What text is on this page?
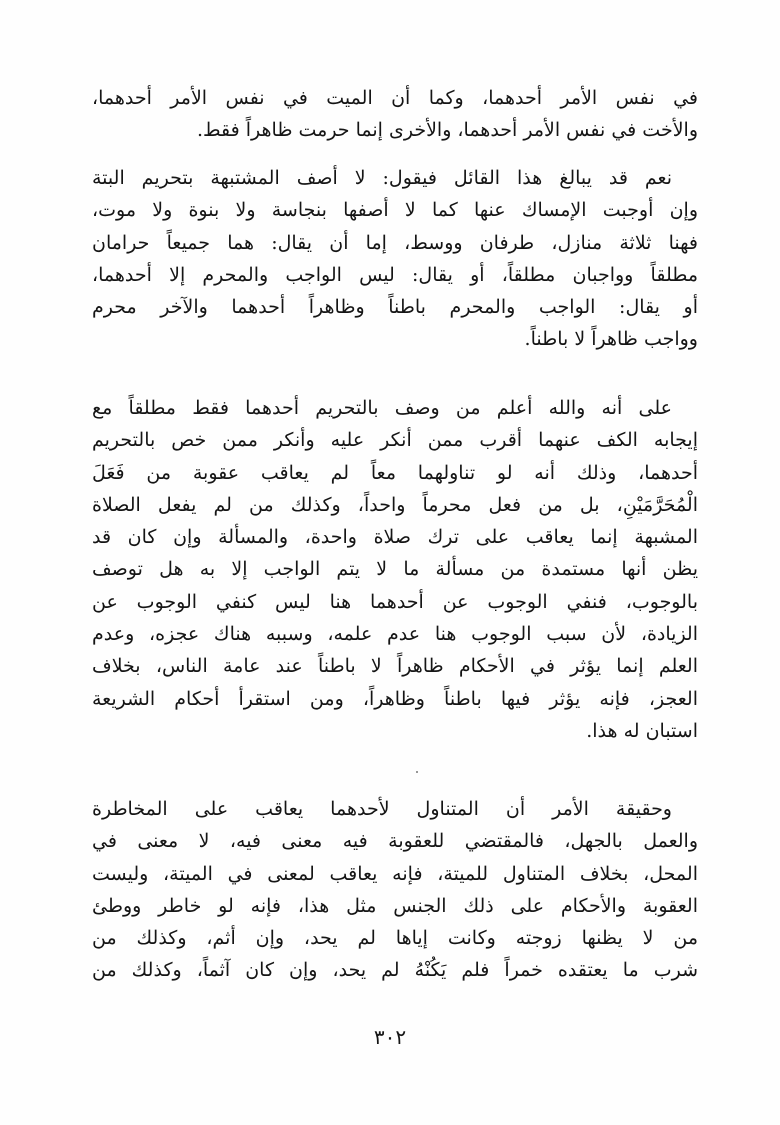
في نفس الأمر أحدهما، وكما أن الميت في نفس الأمر أحدهما،
والأخت في نفس الأمر أحدهما، والأخرى إنما حرمت ظاهراً فقط.
نعم قد يبالغ هذا القائل فيقول: لا أصف المشتبهة بتحريم البتة
وإن أوجبت الإمساك عنها كما لا أصفها بنجاسة ولا بنوة ولا موت،
فهنا ثلاثة منازل، طرفان ووسط، إما أن يقال: هما جميعاً حرامان
مطلقاً وواجبان مطلقاً، أو يقال: ليس الواجب والمحرم إلا أحدهما،
أو يقال: الواجب والمحرم باطناً وظاهراً أحدهما والآخر محرم
وواجب ظاهراً لا باطناً.
على أنه والله أعلم من وصف بالتحريم أحدهما فقط مطلقاً مع
إيجابه الكف عنهما أقرب ممن أنكر عليه وأنكر ممن خص بالتحريم
أحدهما، وذلك أنه لو تناولهما معاً لم يعاقب عقوبة من فَعَلَ
الْمُحَرَّمَيْنِ، بل من فعل محرماً واحداً، وكذلك من لم يفعل الصلاة
المشبهة إنما يعاقب على ترك صلاة واحدة، والمسألة وإن كان قد
يظن أنها مستمدة من مسألة ما لا يتم الواجب إلا به هل توصف
بالوجوب، فنفي الوجوب عن أحدهما هنا ليس كنفي الوجوب عن
الزيادة، لأن سبب الوجوب هنا عدم علمه، وسببه هناك عجزه، وعدم
العلم إنما يؤثر في الأحكام ظاهراً لا باطناً عند عامة الناس، بخلاف
العجز، فإنه يؤثر فيها باطناً وظاهراً، ومن استقرأ أحكام الشريعة
استبان له هذا.
وحقيقة الأمر أن المتناول لأحدهما يعاقب على المخاطرة
والعمل بالجهل، فالمقتضي للعقوبة فيه معنى فيه، لا معنى في
المحل، بخلاف المتناول للميتة، فإنه يعاقب لمعنى في الميتة، وليست
العقوبة والأحكام على ذلك الجنس مثل هذا، فإنه لو خاطر ووطئ
من لا يظنها زوجته وكانت إياها لم يحد، وإن أثم، وكذلك من
شرب ما يعتقده خمراً فلم يَكُنْهُ لم يحد، وإن كان آثماً، وكذلك من
٣٠٢
